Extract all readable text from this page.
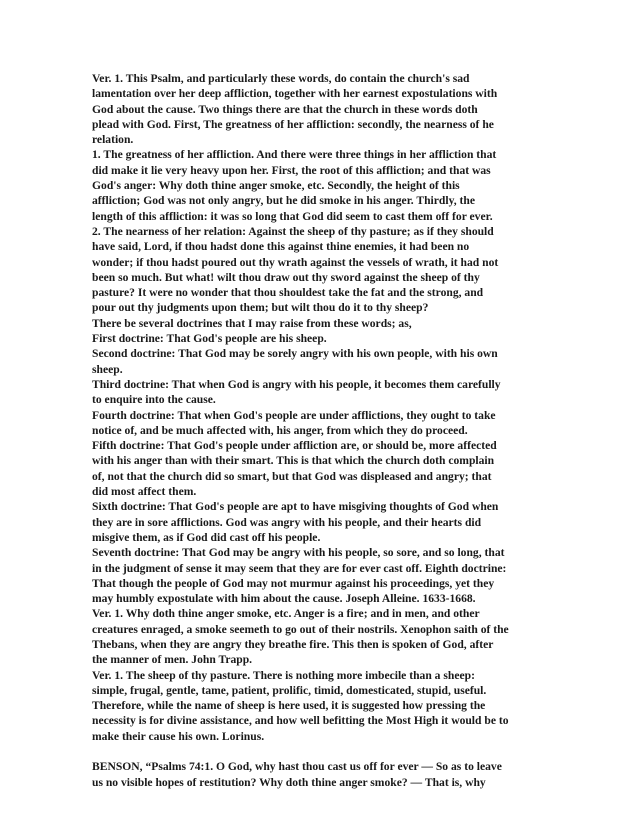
Ver. 1. This Psalm, and particularly these words, do contain the church's sad
lamentation over her deep affliction, together with her earnest expostulations with
God about the cause. Two things there are that the church in these words doth
plead with God. First, The greatness of her affliction: secondly, the nearness of he
relation.
1. The greatness of her affliction. And there were three things in her affliction that
did make it lie very heavy upon her. First, the root of this affliction; and that was
God's anger: Why doth thine anger smoke, etc. Secondly, the height of this
affliction; God was not only angry, but he did smoke in his anger. Thirdly, the
length of this affliction: it was so long that God did seem to cast them off for ever.
2. The nearness of her relation: Against the sheep of thy pasture; as if they should
have said, Lord, if thou hadst done this against thine enemies, it had been no
wonder; if thou hadst poured out thy wrath against the vessels of wrath, it had not
been so much. But what! wilt thou draw out thy sword against the sheep of thy
pasture? It were no wonder that thou shouldest take the fat and the strong, and
pour out thy judgments upon them; but wilt thou do it to thy sheep?
There be several doctrines that I may raise from these words; as,
First doctrine: That God's people are his sheep.
Second doctrine: That God may be sorely angry with his own people, with his own
sheep.
Third doctrine: That when God is angry with his people, it becomes them carefully
to enquire into the cause.
Fourth doctrine: That when God's people are under afflictions, they ought to take
notice of, and be much affected with, his anger, from which they do proceed.
Fifth doctrine: That God's people under affliction are, or should be, more affected
with his anger than with their smart. This is that which the church doth complain
of, not that the church did so smart, but that God was displeased and angry; that
did most affect them.
Sixth doctrine: That God's people are apt to have misgiving thoughts of God when
they are in sore afflictions. God was angry with his people, and their hearts did
misgive them, as if God did cast off his people.
Seventh doctrine: That God may be angry with his people, so sore, and so long, that
in the judgment of sense it may seem that they are for ever cast off. Eighth doctrine:
That though the people of God may not murmur against his proceedings, yet they
may humbly expostulate with him about the cause. Joseph Alleine. 1633-1668.
Ver. 1. Why doth thine anger smoke, etc. Anger is a fire; and in men, and other
creatures enraged, a smoke seemeth to go out of their nostrils. Xenophon saith of the
Thebans, when they are angry they breathe fire. This then is spoken of God, after
the manner of men. John Trapp.
Ver. 1. The sheep of thy pasture. There is nothing more imbecile than a sheep:
simple, frugal, gentle, tame, patient, prolific, timid, domesticated, stupid, useful.
Therefore, while the name of sheep is here used, it is suggested how pressing the
necessity is for divine assistance, and how well befitting the Most High it would be to
make their cause his own. Lorinus.
BENSON, “Psalms 74:1. O God, why hast thou cast us off for ever — So as to leave
us no visible hopes of restitution? Why doth thine anger smoke? — That is, why
